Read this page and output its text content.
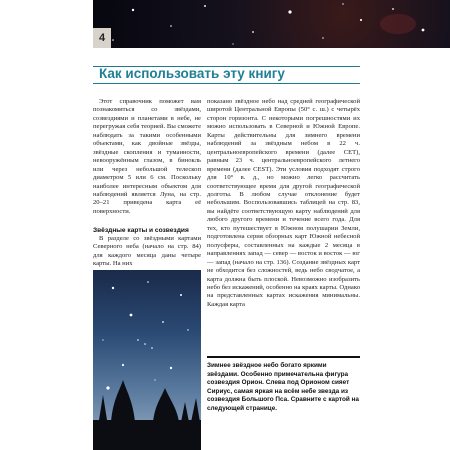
4
Как использовать эту книгу

Этот справочник поможет вам познакомиться со звёздами, созвездиями и планетами в небе, не перегружая себя теорией. Вы сможете наблюдать за такими особенными объектами, как двойные звёзды, звёздные скопления и туманности, невооружённым глазом, в бинокль или через небольшой телескоп диаметром 5 или 6 см. Поскольку наиболее интересным объектом для наблюдений является Луна, на стр. 20–21 приведена карта её поверхности.

Звёздные карты и созвездия

В разделе со звёздными картами Северного неба (начало на стр. 84) для каждого месяца даны четыре карты. На них

показано звёздное небо над средней географической широтой Центральной Европы (50° с. ш.) с четырёх сторон горизонта. С некоторыми погрешностями их можно использовать в Северной и Южной Европе. Карты действительны для зимнего времени наблюдений за звёздным небом в 22 ч. центральноевропейского времени (далее CET), равным 23 ч. центральноевропейского летнего времени (далее CEST). Эти условия подходят строго для 10° в. д., но можно легко рассчитать соответствующее время для другой географической долготы. В любом случае отклонение будет небольшим. Воспользовавшись таблицей на стр. 83, вы найдёте соответствующую карту наблюдений для любого другого времени и течение всего года. Для тех, кто путешествует в Южном полушарии Земли, подготовлена серия обзорных карт Южной небесной полусферы, составленных на каждые 2 месяца в направлениях запад — север — восток и восток — юг — запад (начало на стр. 136). Создание звёздных карт не обходится без сложностей, ведь небо сводчатое, а карта должна быть плоской. Невозможно изобразить небо без искажений, особенно на краях карты. Однако на представленных картах искажения минимальны. Каждая карта

Зимнее звёздное небо богато яркими звёздами. Особенно примечательна фигура созвездия Орион. Слева под Орионом сияет Сириус, самая яркая на всём небе звезда из созвездия Большого Пса. Сравните с картой на следующей странице.
